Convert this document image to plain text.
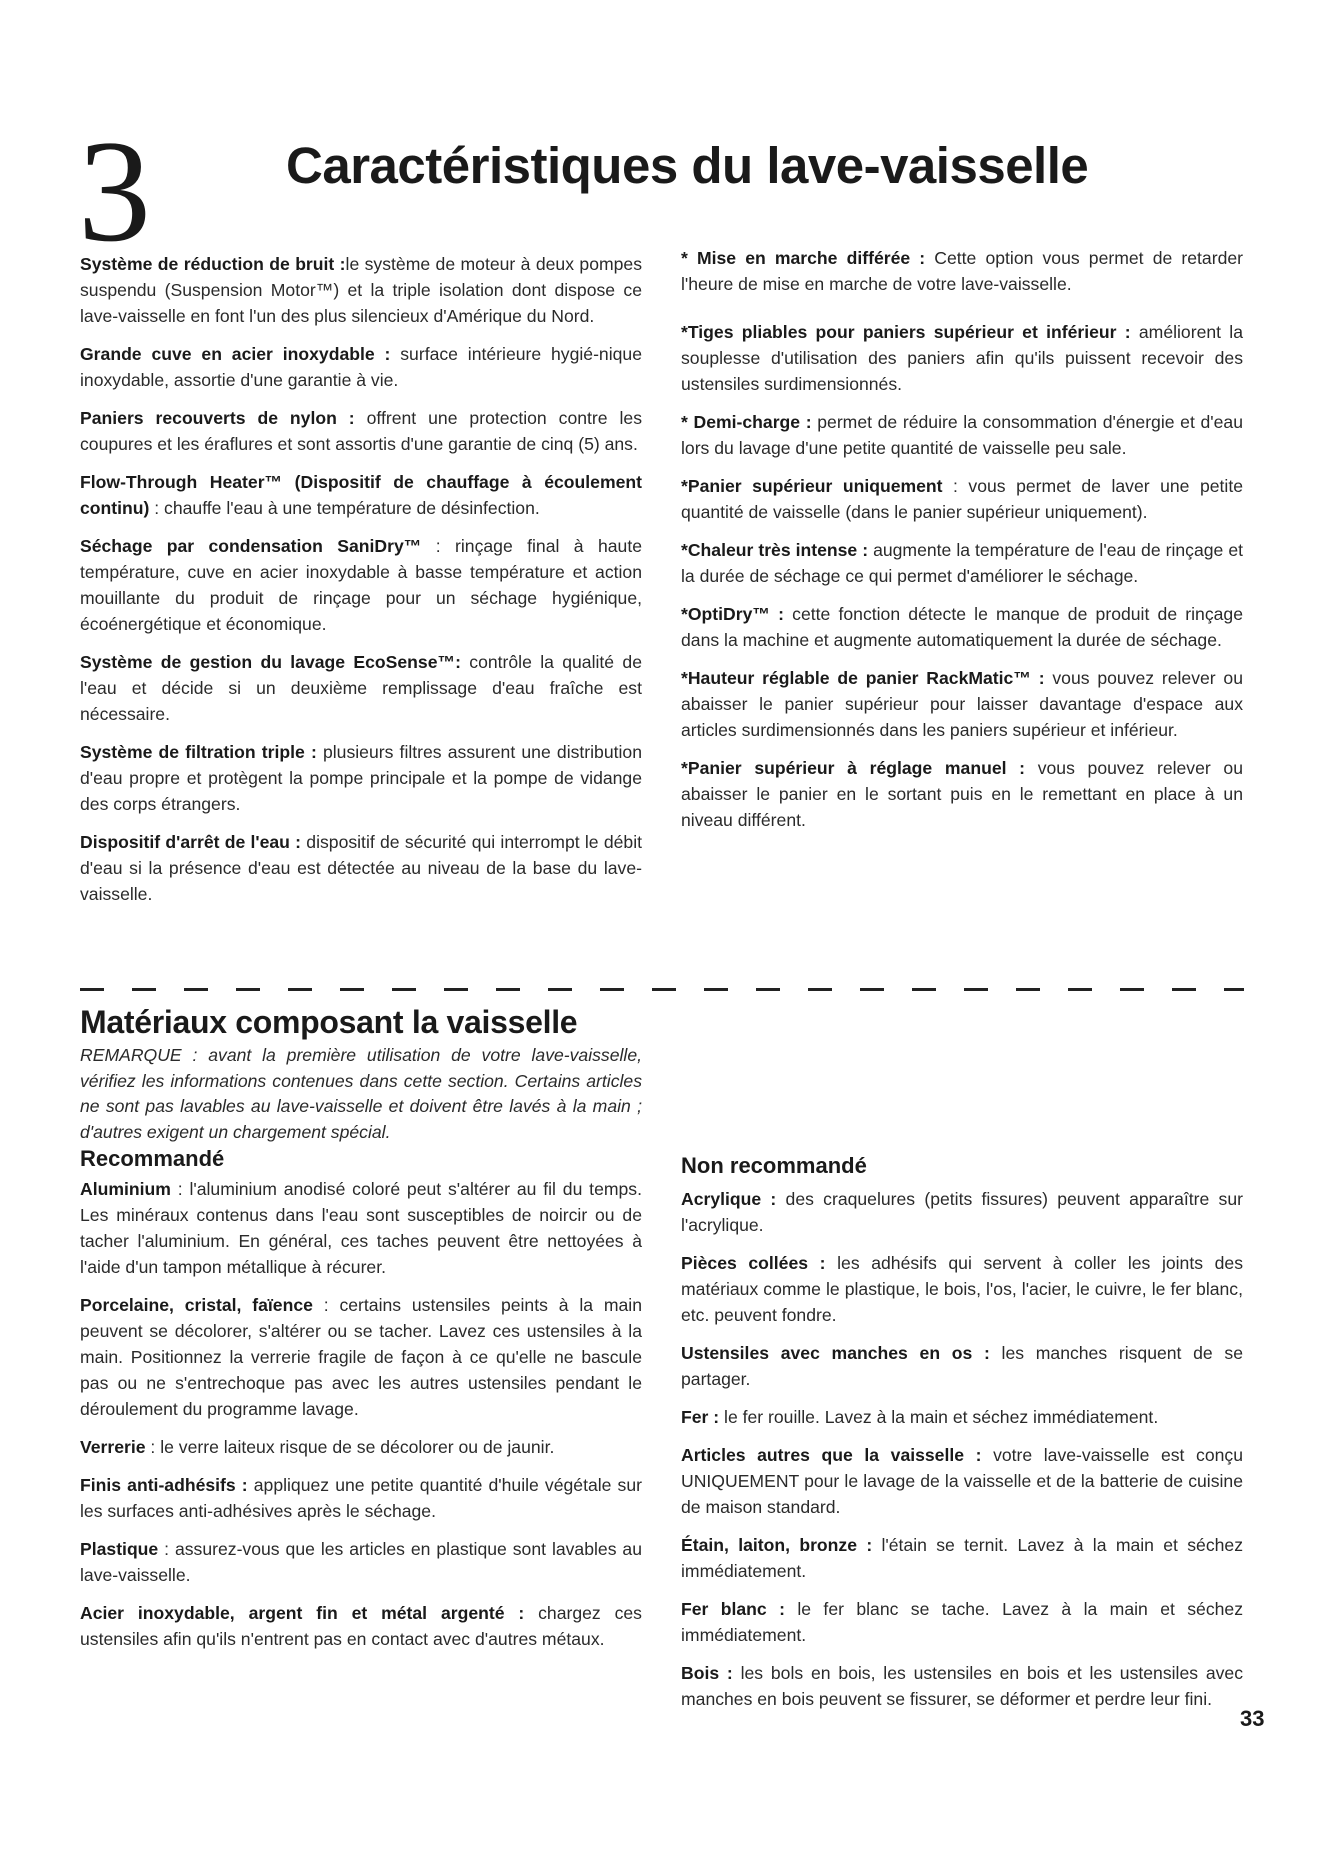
3	Caractéristiques du lave-vaisselle

Système de réduction de bruit :le système de moteur à deux pompes suspendu (Suspension Motor™) et la triple isolation dont dispose ce lave-vaisselle en font l'un des plus silencieux d'Amérique du Nord.

Grande cuve en acier inoxydable : surface intérieure hygié-nique inoxydable, assortie d'une garantie à vie.

Paniers recouverts de nylon : offrent une protection contre les coupures et les éraflures et sont assortis d'une garantie de cinq (5) ans.

Flow-Through Heater™ (Dispositif de chauffage à écoulement continu) : chauffe l'eau à une température de désinfection.

Séchage par condensation SaniDry™ : rinçage final à haute température, cuve en acier inoxydable à basse température et action mouillante du produit de rinçage pour un séchage hygiénique, écoénergétique et économique.

Système de gestion du lavage EcoSense™: contrôle la qualité de l'eau et décide si un deuxième remplissage d'eau fraîche est nécessaire.

Système de filtration triple : plusieurs filtres assurent une distribution d'eau propre et protègent la pompe principale et la pompe de vidange des corps étrangers.

Dispositif d'arrêt de l'eau : dispositif de sécurité qui interrompt le débit d'eau si la présence d'eau est détectée au niveau de la base du lave-vaisselle.

* Mise en marche différée : Cette option vous permet de retarder l'heure de mise en marche de votre lave-vaisselle.

*Tiges pliables pour paniers supérieur et inférieur : améliorent la souplesse d'utilisation des paniers afin qu'ils puissent recevoir des ustensiles surdimensionnés.

* Demi-charge : permet de réduire la consommation d'énergie et d'eau lors du lavage d'une petite quantité de vaisselle peu sale.

*Panier supérieur uniquement : vous permet de laver une petite quantité de vaisselle (dans le panier supérieur uniquement).

*Chaleur très intense : augmente la température de l'eau de rinçage et la durée de séchage ce qui permet d'améliorer le séchage.

*OptiDry™ : cette fonction détecte le manque de produit de rinçage dans la machine et augmente automatiquement la durée de séchage.

*Hauteur réglable de panier RackMatic™ : vous pouvez relever ou abaisser le panier supérieur pour laisser davantage d'espace aux articles surdimensionnés dans les paniers supérieur et inférieur.

*Panier supérieur à réglage manuel : vous pouvez relever ou abaisser le panier en le sortant puis en le remettant en place à un niveau différent.

Matériaux composant la vaisselle

REMARQUE : avant la première utilisation de votre lave-vaisselle, vérifiez les informations contenues dans cette section. Certains articles ne sont pas lavables au lave-vaisselle et doivent être lavés à la main ; d'autres exigent un chargement spécial.

Recommandé	Non recommandé

Aluminium : l'aluminium anodisé coloré peut s'altérer au fil du temps. Les minéraux contenus dans l'eau sont susceptibles de noircir ou de tacher l'aluminium. En général, ces taches peuvent être nettoyées à l'aide d'un tampon métallique à récurer.

Porcelaine, cristal, faïence : certains ustensiles peints à la main peuvent se décolorer, s'altérer ou se tacher. Lavez ces ustensiles à la main. Positionnez la verrerie fragile de façon à ce qu'elle ne bascule pas ou ne s'entrechoque pas avec les autres ustensiles pendant le déroulement du programme lavage.

Verrerie : le verre laiteux risque de se décolorer ou de jaunir.

Finis anti-adhésifs : appliquez une petite quantité d'huile végétale sur les surfaces anti-adhésives après le séchage.

Plastique : assurez-vous que les articles en plastique sont lavables au lave-vaisselle.

Acier inoxydable, argent fin et métal argenté : chargez ces ustensiles afin qu'ils n'entrent pas en contact avec d'autres métaux.

Acrylique : des craquelures (petits fissures) peuvent apparaître sur l'acrylique.

Pièces collées : les adhésifs qui servent à coller les joints des matériaux comme le plastique, le bois, l'os, l'acier, le cuivre, le fer blanc, etc. peuvent fondre.

Ustensiles avec manches en os : les manches risquent de se partager.

Fer : le fer rouille. Lavez à la main et séchez immédiatement.

Articles autres que la vaisselle : votre lave-vaisselle est conçu UNIQUEMENT pour le lavage de la vaisselle et de la batterie de cuisine de maison standard.

Étain, laiton, bronze : l'étain se ternit. Lavez à la main et séchez immédiatement.

Fer blanc : le fer blanc se tache. Lavez à la main et séchez immédiatement.

Bois : les bols en bois, les ustensiles en bois et les ustensiles avec manches en bois peuvent se fissurer, se déformer et perdre leur fini.

33
